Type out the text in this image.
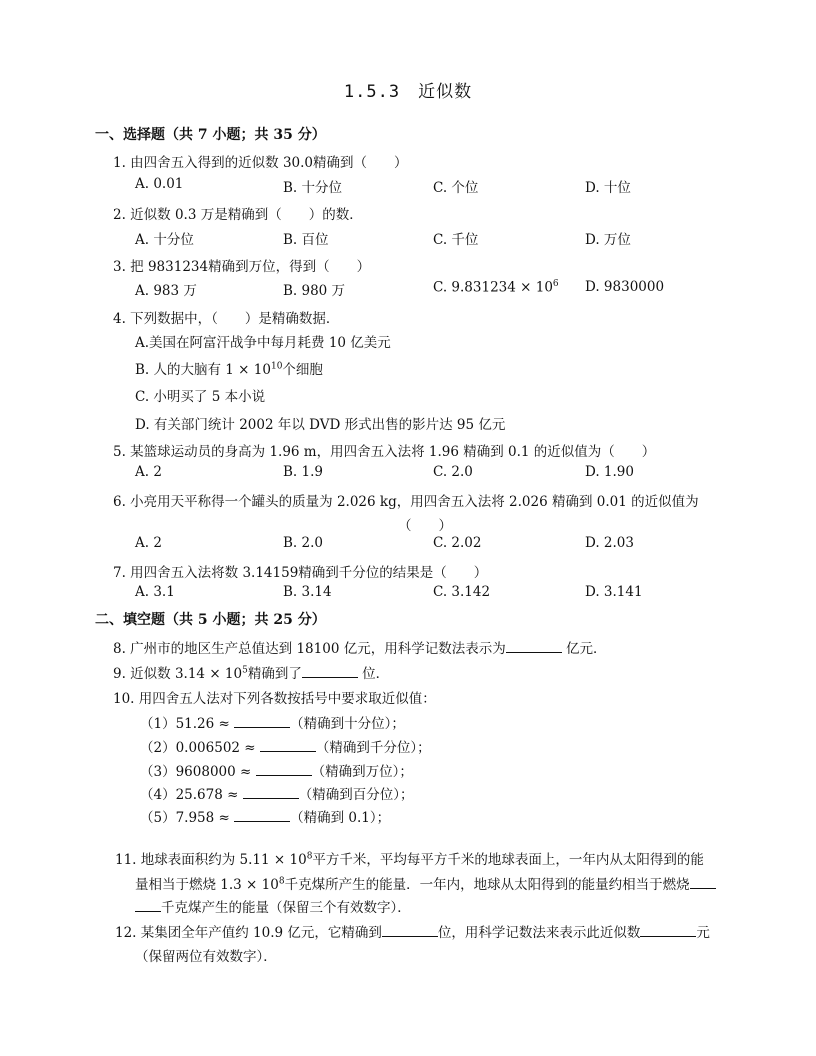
1.5.3　近似数
一、选择题（共 7 小题；共 35 分）
1. 由四舍五入得到的近似数 30.0精确到（　　）
A. 0.01	B. 十分位	C. 个位	D. 十位
2. 近似数 0.3 万是精确到（　　）的数．
A. 十分位	B. 百位	C. 千位	D. 万位
3. 把 9831234精确到万位，得到（　　）
A. 983 万	B. 980 万	C. $9.831234 \times 10^6$ D. 9830000
4. 下列数据中，（　　）是精确数据．
A.美国在阿富汗战争中每月耗费 10 亿美元
B. 人的大脑有 $1 \times 10^{10}$个细胞
C. 小明买了 5 本小说
D. 有关部门统计 2002 年以 DVD 形式出售的影片达 95 亿元
5. 某篮球运动员的身高为 1.96 m，用四舍五入法将 1.96 精确到 0.1 的近似值为（　　）
A. 2	B. 1.9	C. 2.0	D. 1.90
6. 小亮用天平称得一个罐头的质量为 2.026 kg，用四舍五入法将 2.026 精确到 0.01 的近似值为
（　　）
A. 2	B. 2.0	C. 2.02	D. 2.03
7. 用四舍五入法将数 3.14159精确到千分位的结果是（　　）
A. 3.1	B. 3.14	C. 3.142	D. 3.141
二、填空题（共 5 小题；共 25 分）
8. 广州市的地区生产总值达到 18100 亿元，用科学记数法表示为	亿元．
9. 近似数 $3.14 \times 10^5$精确到了	位．
10. 用四舍五人法对下列各数按括号中要求取近似值：
（1）51.26 ≈	（精确到十分位）；
（2）0.006502 ≈	（精确到千分位）；
（3）9608000 ≈	（精确到万位）；
（4）25.678 ≈	（精确到百分位）；
（5）7.958 ≈	（精确到 0.1）；
11. 地球表面积约为 $5.11 \times 10^8$平方千米，平均每平方千米的地球表面上，一年内从太阳得到的能
量相当于燃烧 $1.3 \times 10^8$千克煤所产生的能量．一年内，地球从太阳得到的能量约相当于燃烧
千克煤产生的能量（保留三个有效数字）．
12. 某集团全年产值约 10.9 亿元，它精确到	位，用科学记数法来表示此近似数	元
（保留两位有效数字）．
